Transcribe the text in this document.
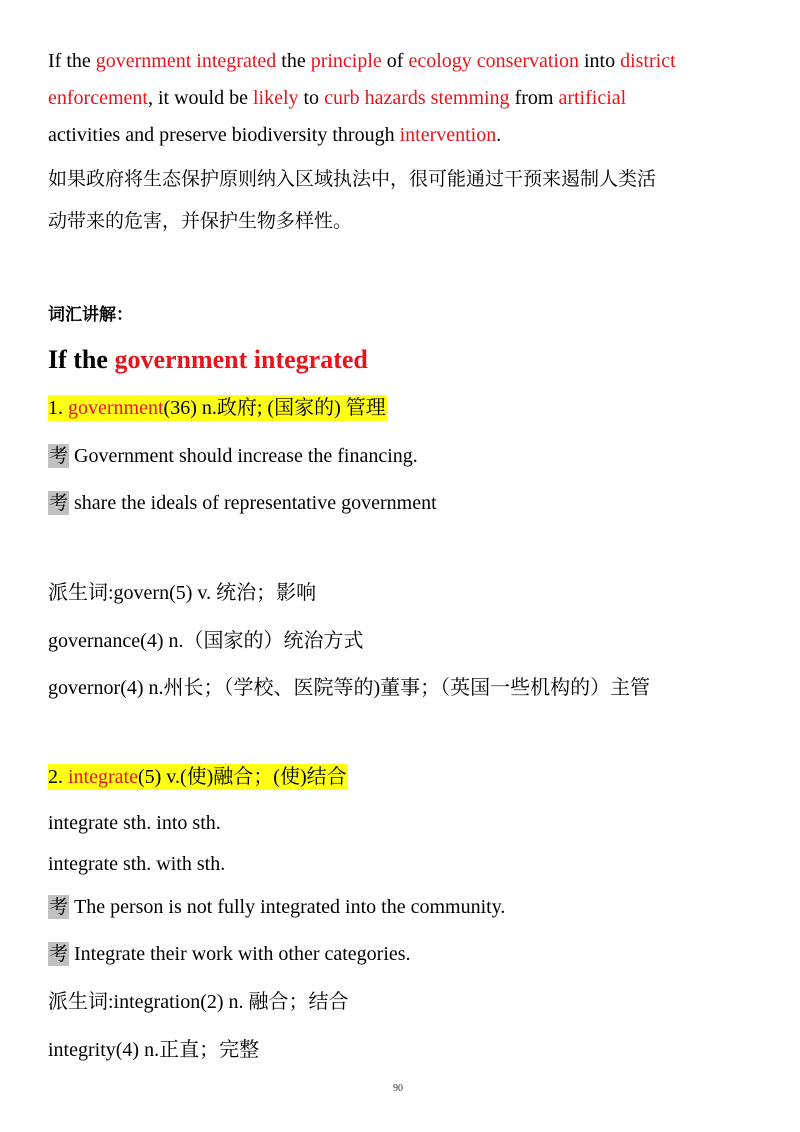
If the government integrated the principle of ecology conservation into district
enforcement, it would be likely to curb hazards stemming from artificial
activities and preserve biodiversity through intervention.
如果政府将生态保护原则纳入区域执法中，很可能通过干预来遏制人类活
动带来的危害，并保护生物多样性。
词汇讲解：
If the government integrated
1. government(36) n.政府; (国家的) 管理
考 Government should increase the financing.
考 share the ideals of representative government
派生词:govern(5) v. 统治；影响
governance(4) n.（国家的）统治方式
governor(4) n.州长；（学校、医院等的)董事；（英国一些机构的）主管
2. integrate(5) v.(使)融合；(使)结合
integrate sth. into sth.
integrate sth. with sth.
考 The person is not fully integrated into the community.
考 Integrate their work with other categories.
派生词:integration(2) n. 融合；结合
integrity(4) n.正直；完整
90
